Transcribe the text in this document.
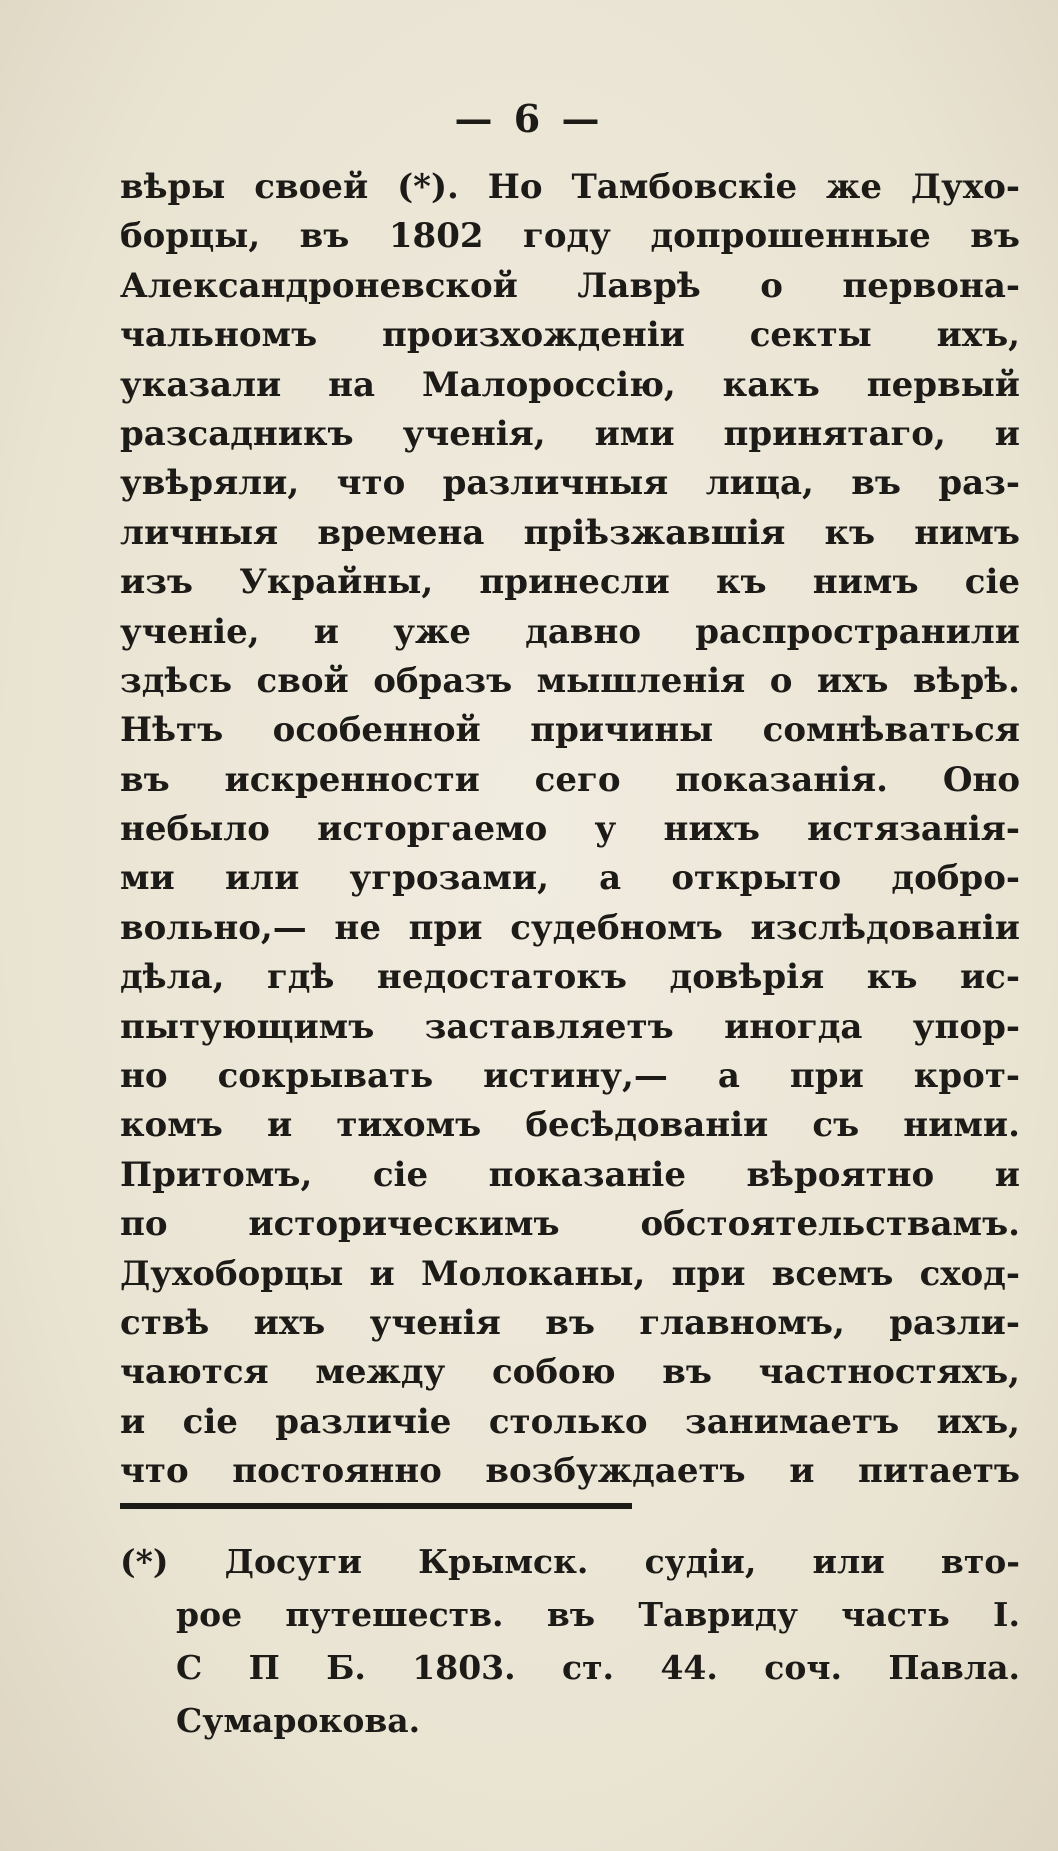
— 6 —
вѣры своей (*). Но Тамбовскіе же Духо-
борцы, въ 1802 году допрошенные въ
Александроневской Лаврѣ о первона-
чальномъ произхожденіи секты ихъ,
указали на Малороссію, какъ первый
разсадникъ ученія, ими принятаго, и
увѣряли, что различныя лица, въ раз-
личныя времена пріѣзжавшія къ нимъ
изъ Украйны, принесли къ нимъ сіе
ученіе, и уже давно распространили
здѣсь свой образъ мышленія о ихъ вѣрѣ.
Нѣтъ особенной причины сомнѣваться
въ искренности сего показанія. Оно
небыло исторгаемо у нихъ истязанія-
ми или угрозами, а открыто добро-
вольно,— не при судебномъ изслѣдованіи
дѣла, гдѣ недостатокъ довѣрія къ ис-
пытующимъ заставляетъ иногда упор-
но сокрывать истину,— а при крот-
комъ и тихомъ бесѣдованіи съ ними.
Притомъ, сіе показаніе вѣроятно и
по историческимъ обстоятельствамъ.
Духоборцы и Молоканы, при всемъ сход-
ствѣ ихъ ученія въ главномъ, разли-
чаются между собою въ частностяхъ,
и сіе различіе столько занимаетъ ихъ,
что постоянно возбуждаетъ и питаетъ
(*) Досуги Крымск. судіи, или вто-
рое путешеств. въ Тавриду часть I.
С П Б. 1803. ст. 44. соч. Павла.
Сумарокова.
